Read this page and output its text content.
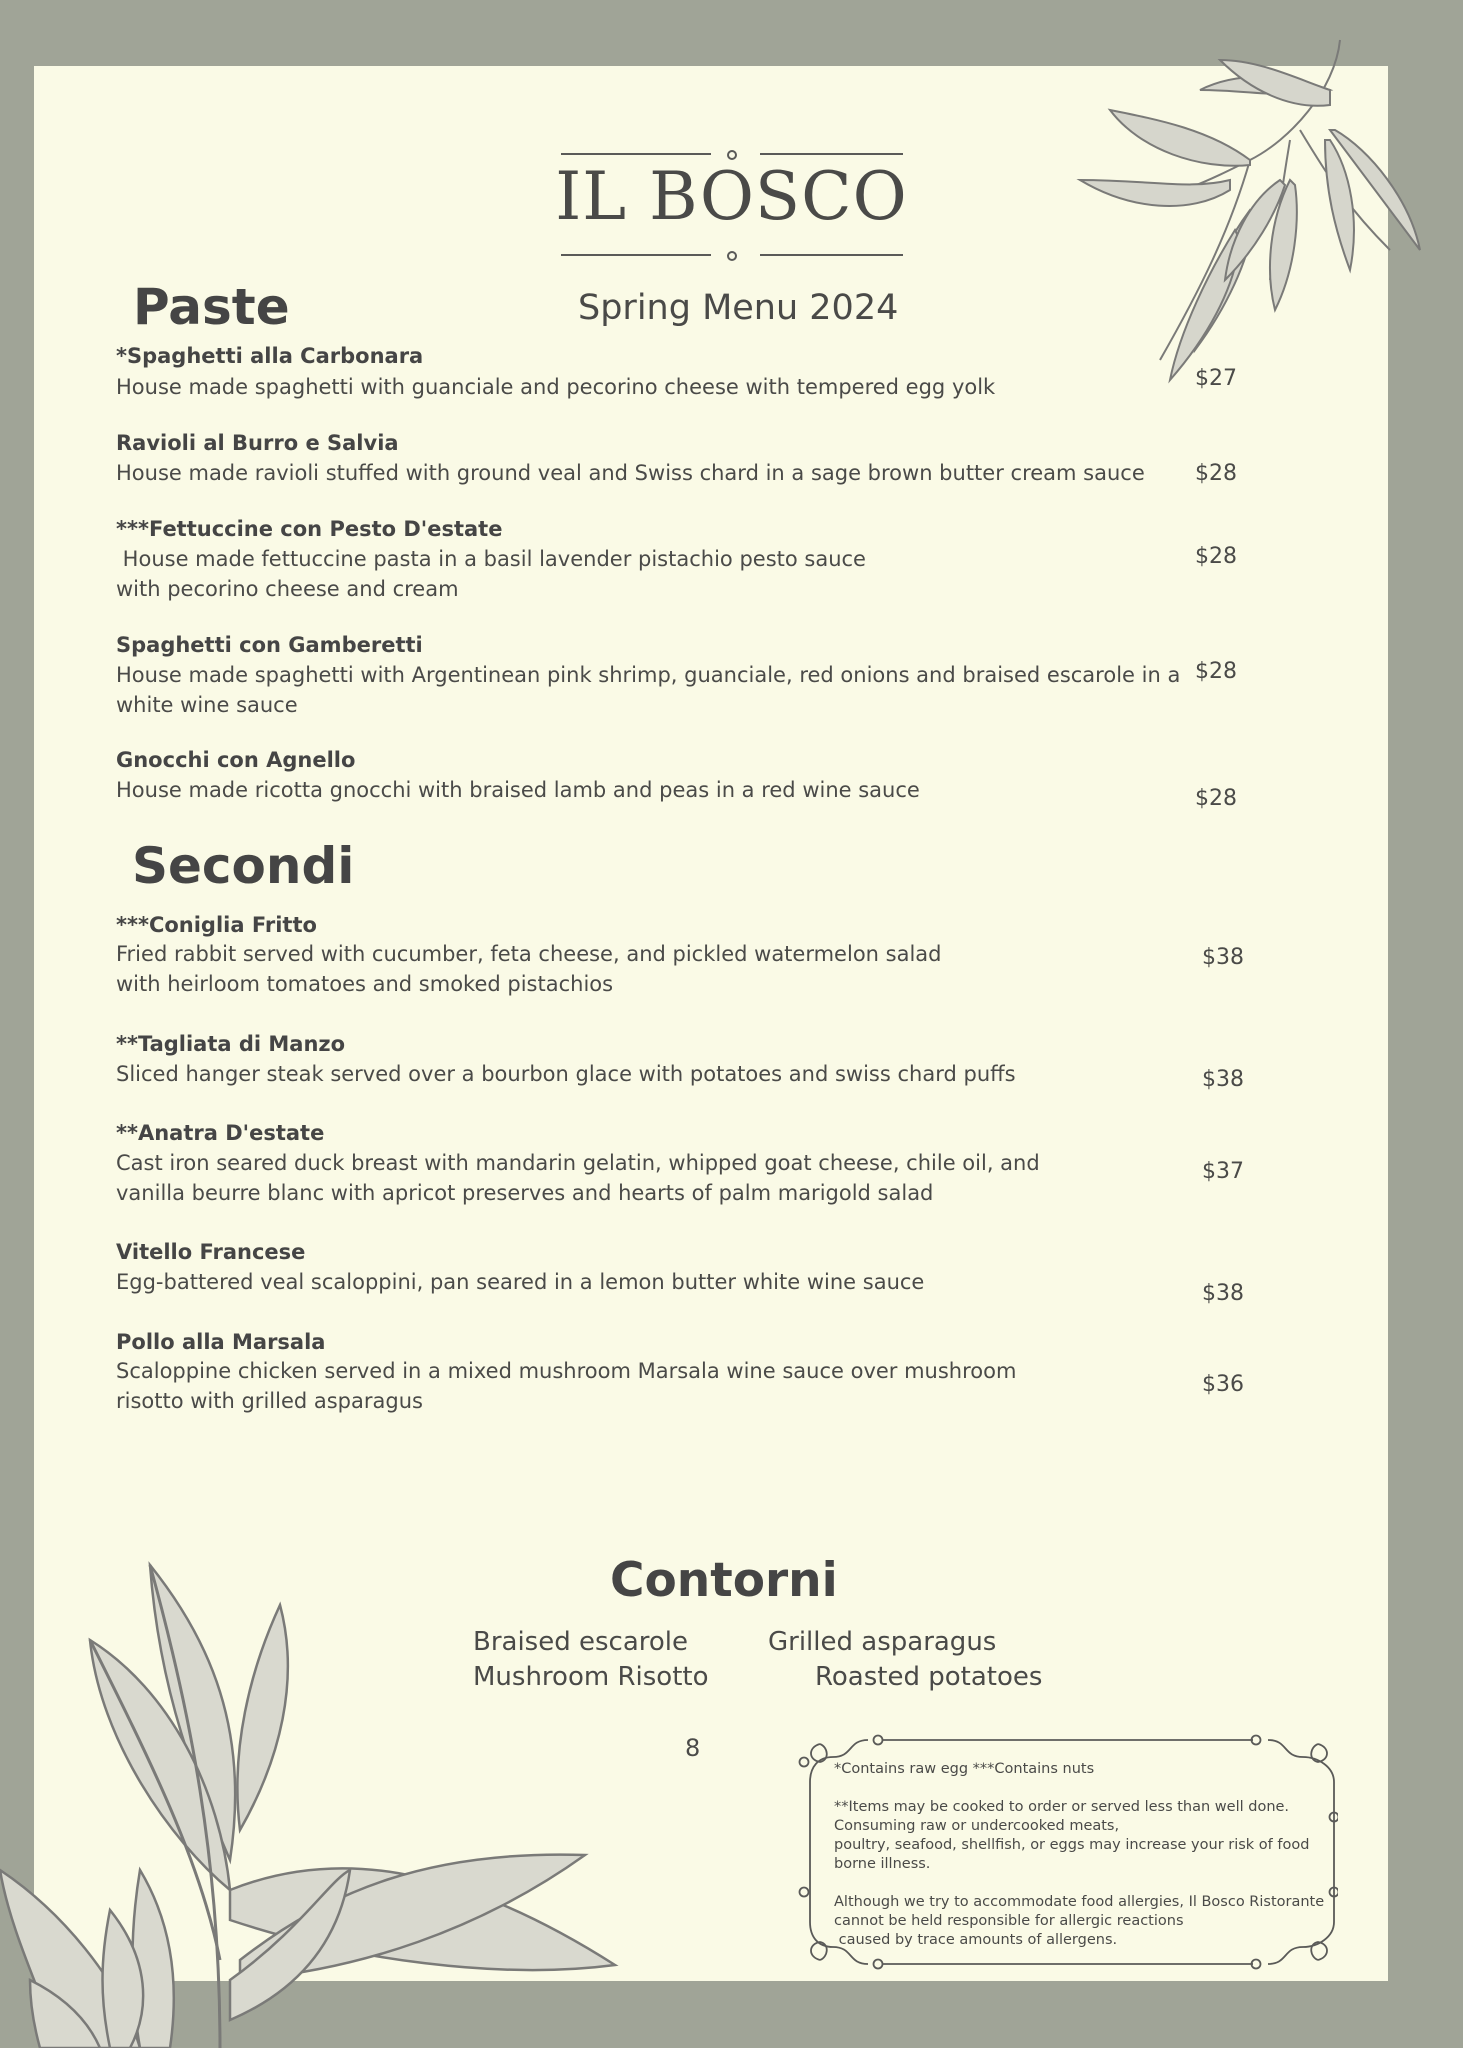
IL BOSCO
Spring Menu 2024
Paste
*Spaghetti alla Carbonara
House made spaghetti with guanciale and pecorino cheese with tempered egg yolk	$27
Ravioli al Burro e Salvia
House made ravioli stuffed with ground veal and Swiss chard in a sage brown butter cream sauce $28
***Fettuccine con Pesto D'estate
House made fettuccine pasta in a basil lavender pistachio pesto sauce
with pecorino cheese and cream
$28
Spaghetti con Gamberetti
House made spaghetti with Argentinean pink shrimp, guanciale, red onions and braised escarole in a
white wine sauce
$28
Gnocchi con Agnello
House made ricotta gnocchi with braised lamb and peas in a red wine sauce	$28
Secondi
***Coniglia Fritto
Fried rabbit served with cucumber, feta cheese, and pickled watermelon salad
with heirloom tomatoes and smoked pistachios
$38
**Tagliata di Manzo
Sliced hanger steak served over a bourbon glace with potatoes and swiss chard puffs	$38
**Anatra D'estate
Cast iron seared duck breast with mandarin gelatin, whipped goat cheese, chile oil, and
vanilla beurre blanc with apricot preserves and hearts of palm marigold salad
$37
Vitello Francese
Egg-battered veal scaloppini, pan seared in a lemon butter white wine sauce	$38
Pollo alla Marsala
Scaloppine chicken served in a mixed mushroom Marsala wine sauce over mushroom
risotto with grilled asparagus
$36
Contorni
Braised escarole	Grilled asparagus
Mushroom Risotto	Roasted potatoes
8

*Contains raw egg ***Contains nuts

**Items may be cooked to order or served less than well done.
Consuming raw or undercooked meats,
poultry, seafood, shellfish, or eggs may increase your risk of food
borne illness.

Although we try to accommodate food allergies, Il Bosco Ristorante
cannot be held responsible for allergic reactions
caused by trace amounts of allergens.
